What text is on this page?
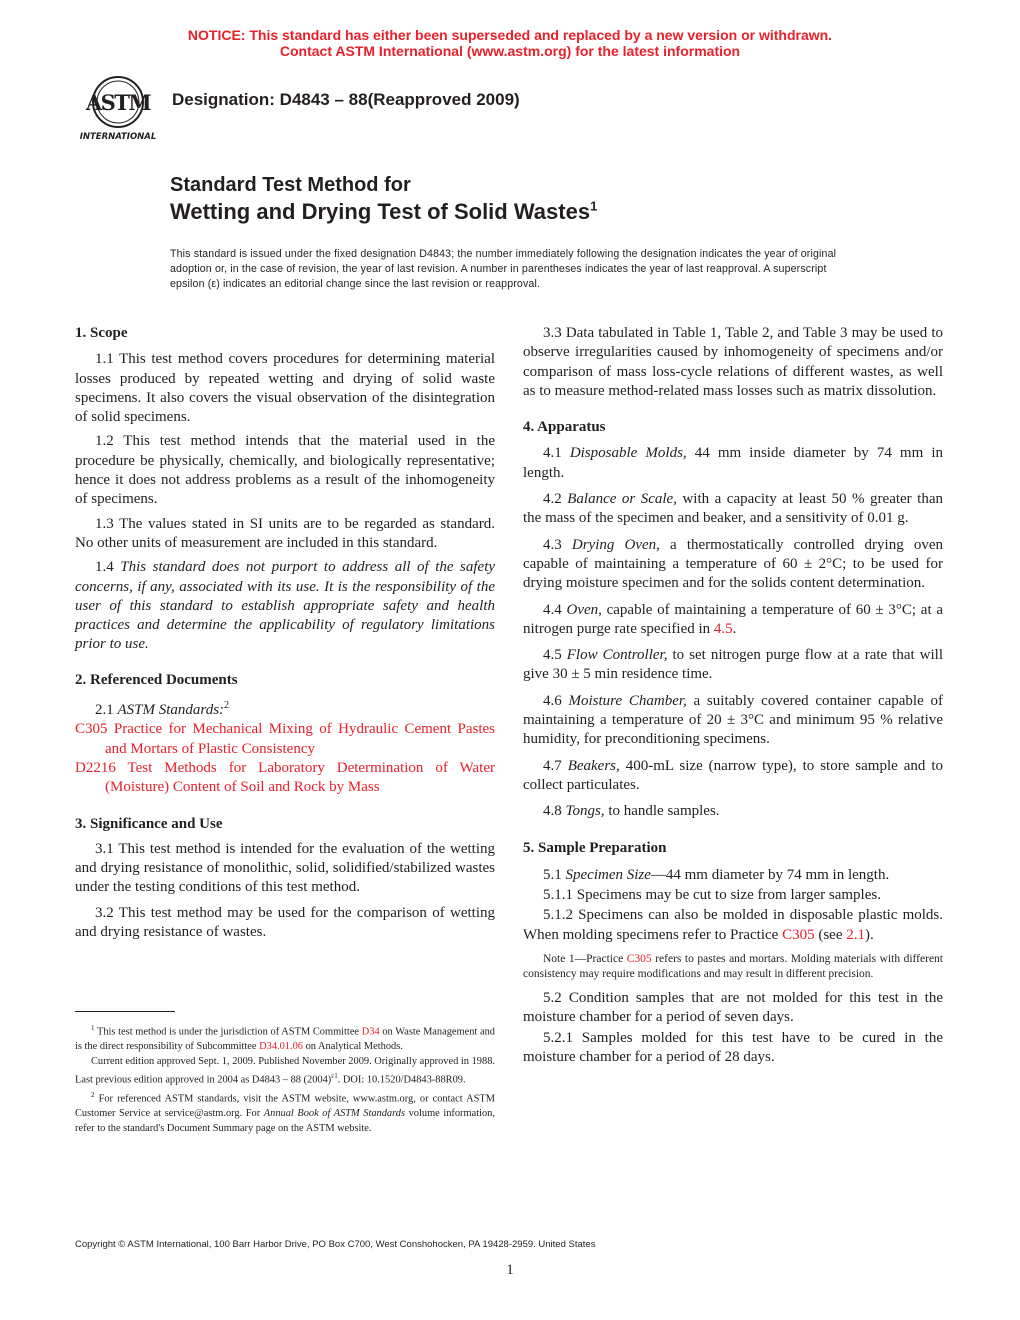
NOTICE: This standard has either been superseded and replaced by a new version or withdrawn.
Contact ASTM International (www.astm.org) for the latest information
ASTM
INTERNATIONAL
Designation: D4843 – 88(Reapproved 2009)
Standard Test Method for
Wetting and Drying Test of Solid Wastes$^1$
This standard is issued under the fixed designation D4843; the number immediately following the designation indicates the year of original adoption or, in the case of revision, the year of last revision. A number in parentheses indicates the year of last reapproval. A superscript epsilon (ε) indicates an editorial change since the last revision or reapproval.
1. Scope

1.1 This test method covers procedures for determining material losses produced by repeated wetting and drying of solid waste specimens. It also covers the visual observation of the disintegration of solid specimens.

1.2 This test method intends that the material used in the procedure be physically, chemically, and biologically representative; hence it does not address problems as a result of the inhomogeneity of specimens.

1.3 The values stated in SI units are to be regarded as standard. No other units of measurement are included in this standard.

1.4 This standard does not purport to address all of the safety concerns, if any, associated with its use. It is the responsibility of the user of this standard to establish appropriate safety and health practices and determine the applicability of regulatory limitations prior to use.

2. Referenced Documents

2.1 ASTM Standards:$^2$

C305 Practice for Mechanical Mixing of Hydraulic Cement Pastes and Mortars of Plastic Consistency

D2216 Test Methods for Laboratory Determination of Water (Moisture) Content of Soil and Rock by Mass

3. Significance and Use

3.1 This test method is intended for the evaluation of the wetting and drying resistance of monolithic, solid, solidified/stabilized wastes under the testing conditions of this test method.

3.2 This test method may be used for the comparison of wetting and drying resistance of wastes.

$^1$ This test method is under the jurisdiction of ASTM Committee D34 on Waste Management and is the direct responsibility of Subcommittee D34.01.06 on Analytical Methods.

Current edition approved Sept. 1, 2009. Published November 2009. Originally approved in 1988. Last previous edition approved in 2004 as D4843 – 88 $(2004)^{\varepsilon 1}$. DOI: 10.1520/D4843-88R09.

$^2$ For referenced ASTM standards, visit the ASTM website, www.astm.org, or contact ASTM Customer Service at service@astm.org. For Annual Book of ASTM Standards volume information, refer to the standard's Document Summary page on the ASTM website.

3.3 Data tabulated in Table 1, Table 2, and Table 3 may be used to observe irregularities caused by inhomogeneity of specimens and/or comparison of mass loss-cycle relations of different wastes, as well as to measure method-related mass losses such as matrix dissolution.

4. Apparatus

4.1 Disposable Molds, 44 mm inside diameter by 74 mm in length.

4.2 Balance or Scale, with a capacity at least 50 % greater than the mass of the specimen and beaker, and a sensitivity of 0.01 g.

4.3 Drying Oven, a thermostatically controlled drying oven capable of maintaining a temperature of 60 ± 2°C; to be used for drying moisture specimen and for the solids content determination.

4.4 Oven, capable of maintaining a temperature of 60 ± 3°C; at a nitrogen purge rate specified in 4.5.

4.5 Flow Controller, to set nitrogen purge flow at a rate that will give 30 ± 5 min residence time.

4.6 Moisture Chamber, a suitably covered container capable of maintaining a temperature of 20 ± 3°C and minimum 95 % relative humidity, for preconditioning specimens.

4.7 Beakers, 400-mL size (narrow type), to store sample and to collect particulates.

4.8 Tongs, to handle samples.

5. Sample Preparation

5.1 Specimen Size—44 mm diameter by 74 mm in length.

5.1.1 Specimens may be cut to size from larger samples.

5.1.2 Specimens can also be molded in disposable plastic molds. When molding specimens refer to Practice C305 (see 2.1).

Note 1—Practice C305 refers to pastes and mortars. Molding materials with different consistency may require modifications and may result in different precision.

5.2 Condition samples that are not molded for this test in the moisture chamber for a period of seven days.

5.2.1 Samples molded for this test have to be cured in the moisture chamber for a period of 28 days.

Copyright © ASTM International, 100 Barr Harbor Drive, PO Box C700, West Conshohocken, PA 19428-2959. United States
1
